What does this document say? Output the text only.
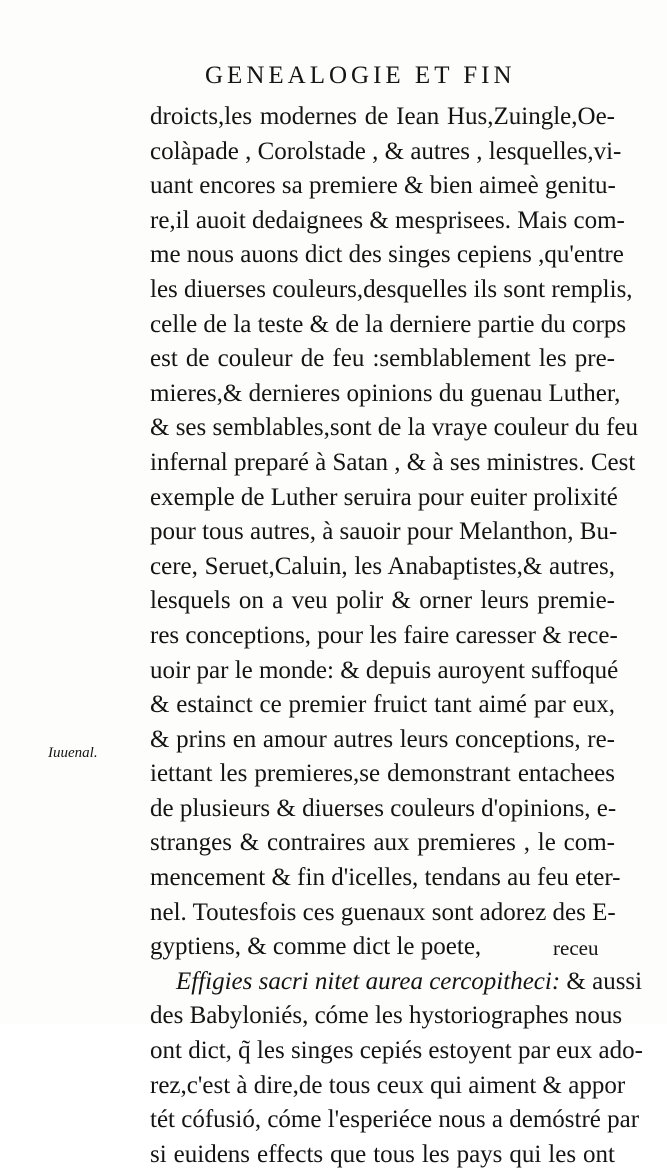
GENEALOGIE ET FIN
droicts,les modernes de Iean Hus,Zuingle,Oe-
colàpade , Corolstade , & autres , lesquelles,vi-
uant encores sa premiere & bien aimeè genitu-
re,il auoit dedaignees & mesprisees. Mais com-
me nous auons dict des singes cepiens ,qu'entre
les diuerses couleurs,desquelles ils sont remplis,
celle de la teste & de la derniere partie du corps
est de couleur de feu :semblablement les pre-
mieres,& dernieres opinions du guenau Luther,
& ses semblables,sont de la vraye couleur du feu
infernal preparé à Satan , & à ses ministres. Cest
exemple de Luther seruira pour euiter prolixité
pour tous autres, à sauoir pour Melanthon, Bu-
cere, Seruet,Caluin, les Anabaptistes,& autres,
lesquels on a veu polir & orner leurs premie-
res conceptions, pour les faire caresser & rece-
uoir par le monde: & depuis auroyent suffoqué
& estainct ce premier fruict tant aimé par eux,
& prins en amour autres leurs conceptions, re-
iettant les premieres,se demonstrant entachees
de plusieurs & diuerses couleurs d'opinions, e-
stranges & contraires aux premieres , le com-
mencement & fin d'icelles, tendans au feu eter-
nel. Toutesfois ces guenaux sont adorez des E-
gyptiens, & comme dict le poete,
Effigies sacri nitet aurea cercopitheci: & aussi
des Babyloniés, cóme les hystoriographes nous
ont dict, q̃ les singes cepiés estoyent par eux ado-
rez,c'est à dire,de tous ceux qui aiment & appor
tét cófusió, cóme l'esperiéce nous a demóstré par
si euidens effects que tous les pays qui les ont
Iuuenal.
receu
